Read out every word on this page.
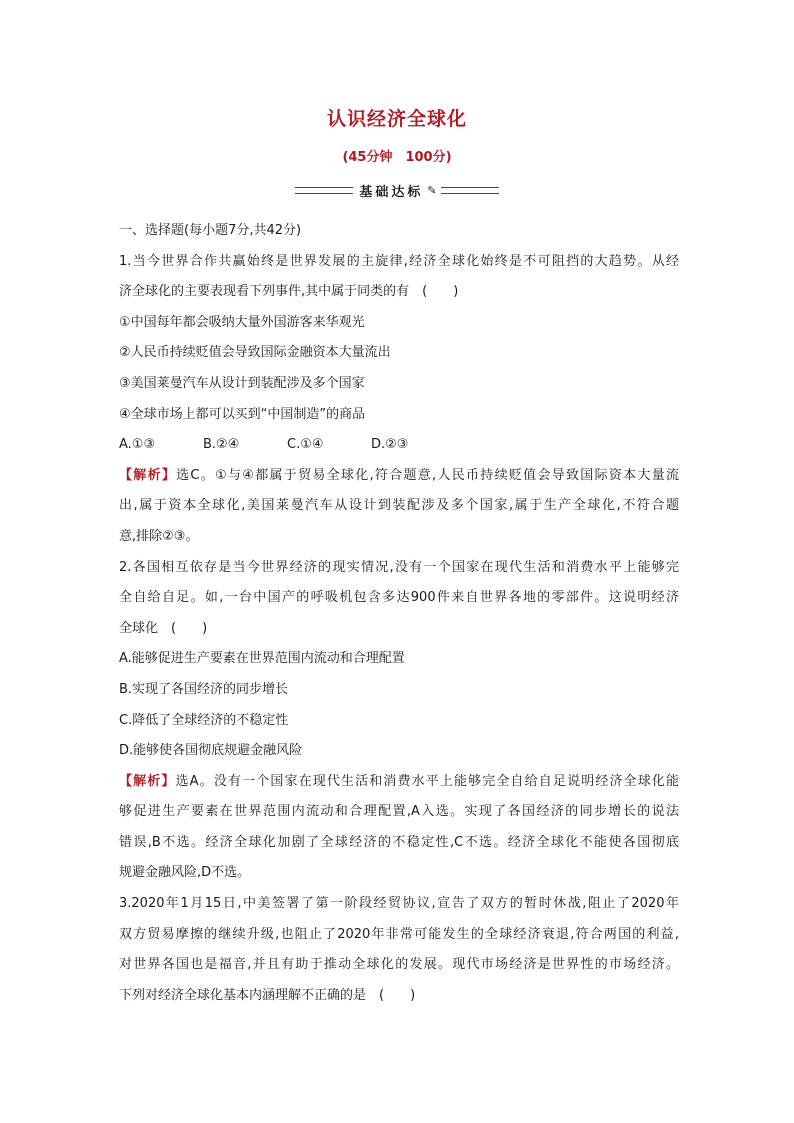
认识经济全球化
(45分钟　100分)
基础达标 ✎
一、选择题(每小题7分,共42分)
1.当今世界合作共赢始终是世界发展的主旋律,经济全球化始终是不可阻挡的大趋势。从经
济全球化的主要表现看下列事件,其中属于同类的有　(　　)
①中国每年都会吸纳大量外国游客来华观光
②人民币持续贬值会导致国际金融资本大量流出
③美国莱曼汽车从设计到装配涉及多个国家
④全球市场上都可以买到“中国制造”的商品
A.①③	B.②④	C.①④	D.②③
【解析】选C。①与④都属于贸易全球化,符合题意,人民币持续贬值会导致国际资本大量流
出,属于资本全球化,美国莱曼汽车从设计到装配涉及多个国家,属于生产全球化,不符合题
意,排除②③。
2.各国相互依存是当今世界经济的现实情况,没有一个国家在现代生活和消费水平上能够完
全自给自足。如,一台中国产的呼吸机包含多达900件来自世界各地的零部件。这说明经济
全球化　(　　)
A.能够促进生产要素在世界范围内流动和合理配置
B.实现了各国经济的同步增长
C.降低了全球经济的不稳定性
D.能够使各国彻底规避金融风险
【解析】选A。没有一个国家在现代生活和消费水平上能够完全自给自足说明经济全球化能
够促进生产要素在世界范围内流动和合理配置,A入选。实现了各国经济的同步增长的说法
错误,B不选。经济全球化加剧了全球经济的不稳定性,C不选。经济全球化不能使各国彻底
规避金融风险,D不选。
3.2020年1月15日,中美签署了第一阶段经贸协议,宣告了双方的暂时休战,阻止了2020年
双方贸易摩擦的继续升级,也阻止了2020年非常可能发生的全球经济衰退,符合两国的利益,
对世界各国也是福音,并且有助于推动全球化的发展。现代市场经济是世界性的市场经济。
下列对经济全球化基本内涵理解不正确的是　(　　)
